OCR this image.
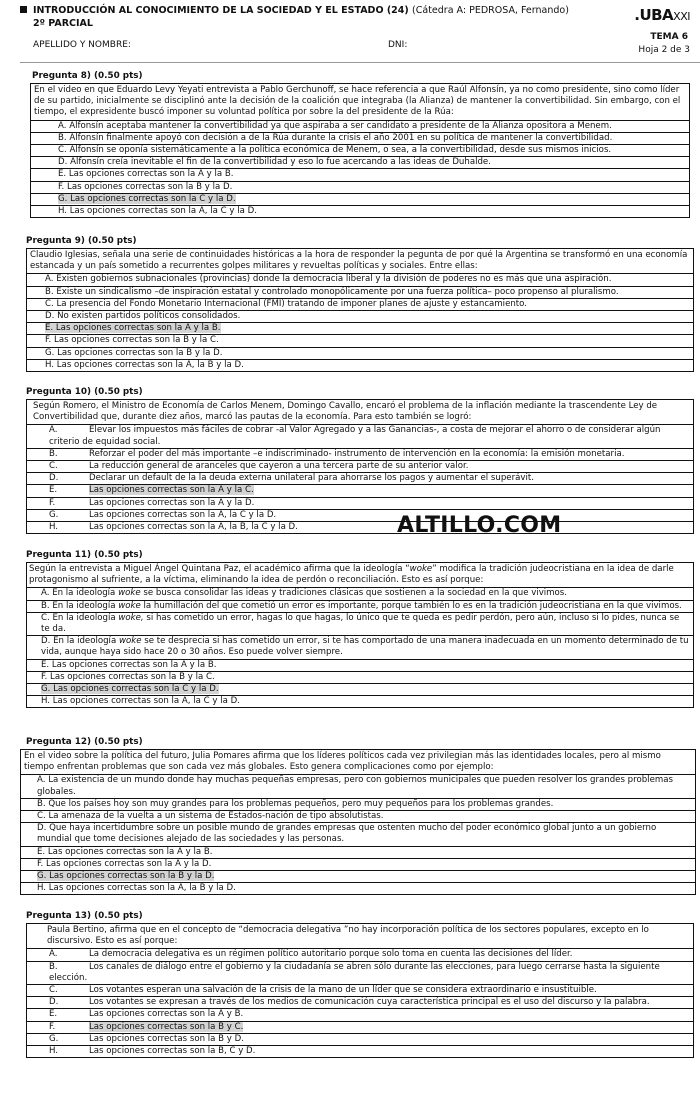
INTRODUCCIÓN AL CONOCIMIENTO DE LA SOCIEDAD Y EL ESTADO (24) (Cátedra A: PEDROSA, Fernando)
2º PARCIAL	.UBAXXI
APELLIDO Y NOMBRE:	DNI:
TEMA 6
Hoja 2 de 3
Pregunta 8) (0.50 pts)
En el video en que Eduardo Levy Yeyati entrevista a Pablo Gerchunoff, se hace referencia a que Raúl Alfonsín, ya no como presidente, sino como líder de su partido, inicialmente se disciplinó ante la decisión de la coalición que integraba (la Alianza) de mantener la convertibilidad. Sin embargo, con el tiempo, el expresidente buscó imponer su voluntad política por sobre la del presidente de la Rúa:
A. Alfonsín aceptaba mantener la convertibilidad ya que aspiraba a ser candidato a presidente de la Alianza opositora a Menem.
B. Alfonsín finalmente apoyó con decisión a de la Rúa durante la crisis el año 2001 en su política de mantener la convertibilidad.
C. Alfonsín se oponía sistemáticamente a la política económica de Menem, o sea, a la convertibilidad, desde sus mismos inicios.
D. Alfonsín creía inevitable el fin de la convertibilidad y eso lo fue acercando a las ideas de Duhalde.
E. Las opciones correctas son la A y la B.
F. Las opciones correctas son la B y la D.
G. Las opciones correctas son la C y la D.
H. Las opciones correctas son la A, la C y la D.
Pregunta 9) (0.50 pts)
Claudio Iglesias, señala una serie de continuidades históricas a la hora de responder la pegunta de por qué la Argentina se transformó en una economía estancada y un país sometido a recurrentes golpes militares y revueltas políticas y sociales. Entre ellas:
A. Existen gobiernos subnacionales (provincias) donde la democracia liberal y la división de poderes no es más que una aspiración.
B. Existe un sindicalismo –de inspiración estatal y controlado monopólicamente por una fuerza política– poco propenso al pluralismo.
C. La presencia del Fondo Monetario Internacional (FMI) tratando de imponer planes de ajuste y estancamiento.
D. No existen partidos políticos consolidados.
E. Las opciones correctas son la A y la B.
F. Las opciones correctas son la B y la C.
G. Las opciones correctas son la B y la D.
H. Las opciones correctas son la A, la B y la D.
Pregunta 10) (0.50 pts)
Según Romero, el Ministro de Economía de Carlos Menem, Domingo Cavallo, encaró el problema de la inflación mediante la trascendente Ley de Convertibilidad que, durante diez años, marcó las pautas de la economía. Para esto también se logró:
A.	Elevar los impuestos más fáciles de cobrar -al Valor Agregado y a las Ganancias-, a costa de mejorar el ahorro o de considerar algún criterio de equidad social.
B.	Reforzar el poder del más importante –e indiscriminado- instrumento de intervención en la economía: la emisión monetaria.
C.	La reducción general de aranceles que cayeron a una tercera parte de su anterior valor.
D.	Declarar un default de la la deuda externa unilateral para ahorrarse los pagos y aumentar el superávit.
E.	Las opciones correctas son la A y la C.
F.	Las opciones correctas son la A y la D.
G.	Las opciones correctas son la A, la C y la D.
H.	Las opciones correctas son la A, la B, la C y la D.	ALTILLO.COM
Pregunta 11) (0.50 pts)
Según la entrevista a Miguel Ángel Quintana Paz, el académico afirma que la ideología “woke” modifica la tradición judeocristiana en la idea de darle protagonismo al sufriente, a la víctima, eliminando la idea de perdón o reconciliación. Esto es así porque:
A. En la ideología woke se busca consolidar las ideas y tradiciones clásicas que sostienen a la sociedad en la que vivimos.
B. En la ideología woke la humillación del que cometió un error es importante, porque también lo es en la tradición judeocristiana en la que vivimos.
C. En la ideología woke, si has cometido un error, hagas lo que hagas, lo único que te queda es pedir perdón, pero aún, incluso si lo pides, nunca se te da.
D. En la ideología woke se te desprecia si has cometido un error, si te has comportado de una manera inadecuada en un momento determinado de tu vida, aunque haya sido hace 20 o 30 años. Eso puede volver siempre.
E. Las opciones correctas son la A y la B.
F. Las opciones correctas son la B y la C.
G. Las opciones correctas son la C y la D.
H. Las opciones correctas son la A, la C y la D.
Pregunta 12) (0.50 pts)
En el video sobre la política del futuro, Julia Pomares afirma que los líderes políticos cada vez privilegian más las identidades locales, pero al mismo tiempo enfrentan problemas que son cada vez más globales. Esto genera complicaciones como por ejemplo:
A. La existencia de un mundo donde hay muchas pequeñas empresas, pero con gobiernos municipales que pueden resolver los grandes problemas globales.
B. Que los países hoy son muy grandes para los problemas pequeños, pero muy pequeños para los problemas grandes.
C. La amenaza de la vuelta a un sistema de Estados-nación de tipo absolutistas.
D. Que haya incertidumbre sobre un posible mundo de grandes empresas que ostenten mucho del poder económico global junto a un gobierno mundial que tome decisiones alejado de las sociedades y las personas.
E. Las opciones correctas son la A y la B.
F. Las opciones correctas son la A y la D.
G. Las opciones correctas son la B y la D.
H. Las opciones correctas son la A, la B y la D.
Pregunta 13) (0.50 pts)
Paula Bertino, afirma que en el concepto de “democracia delegativa ”no hay incorporación política de los sectores populares, excepto en lo discursivo. Esto es así porque:
A.	La democracia delegativa es un régimen político autoritario porque solo toma en cuenta las decisiones del líder.
B.	Los canales de diálogo entre el gobierno y la ciudadanía se abren sólo durante las elecciones, para luego cerrarse hasta la siguiente elección.
C.	Los votantes esperan una salvación de la crisis de la mano de un líder que se considera extraordinario e insustituible.
D.	Los votantes se expresan a través de los medios de comunicación cuya característica principal es el uso del discurso y la palabra.
E.	Las opciones correctas son la A y B.
F.	Las opciones correctas son la B y C.
G.	Las opciones correctas son la B y D.
H.	Las opciones correctas son la B, C y D.
